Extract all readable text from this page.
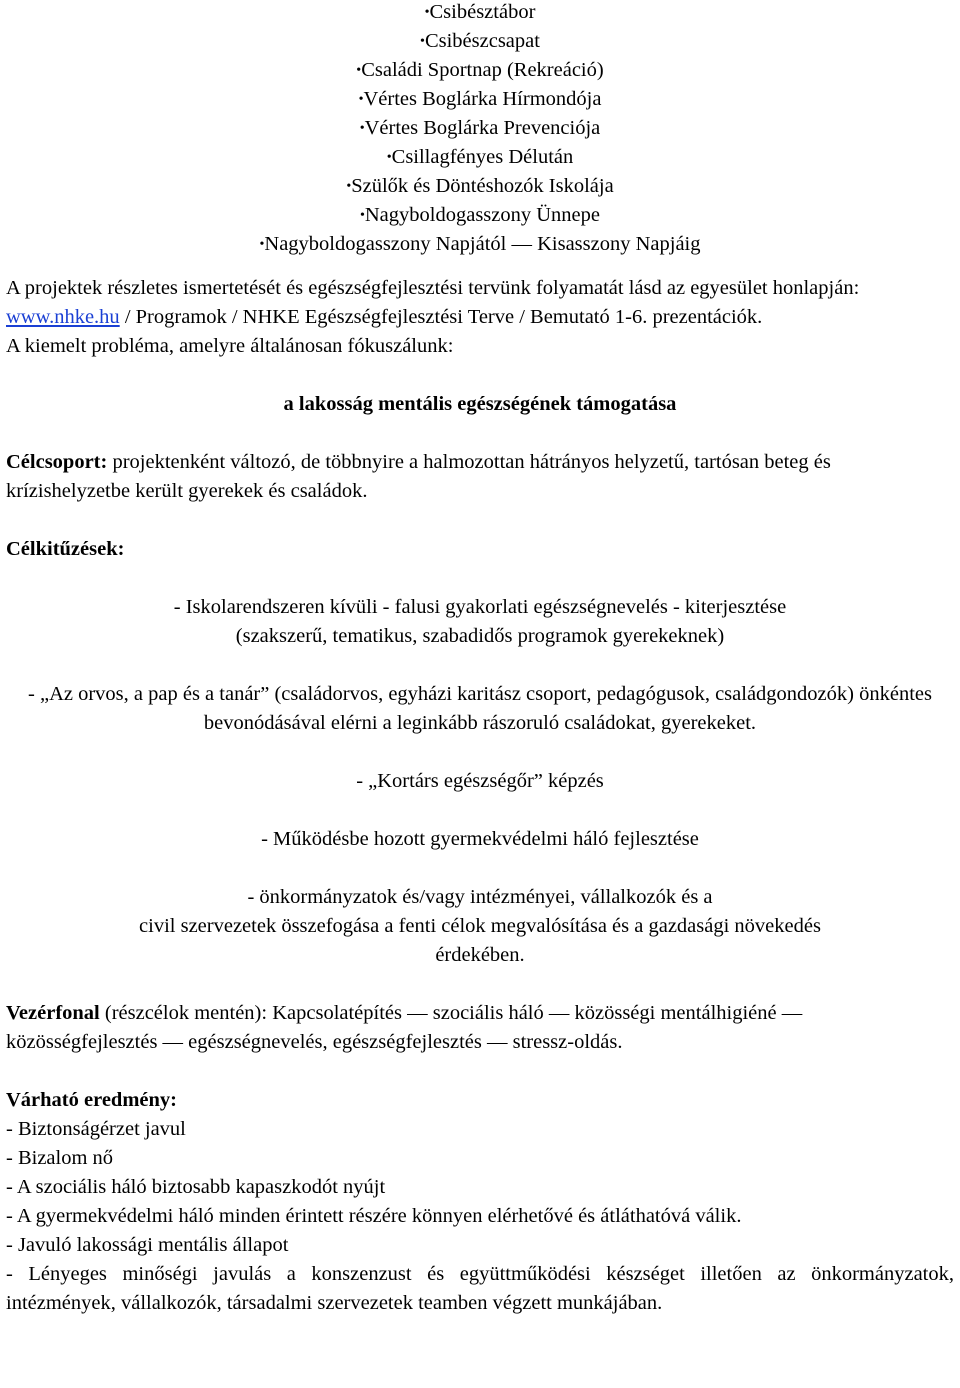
•Csibésztábor
•Csibészcsapat
•Családi Sportnap (Rekreáció)
•Vértes Boglárka Hírmondója
•Vértes Boglárka Prevenciója
•Csillagfényes Délután
•Szülők és Döntéshozók Iskolája
•Nagyboldogasszony Ünnepe
•Nagyboldogasszony Napjától — Kisasszony Napjáig

A projektek részletes ismertetését és egészségfejlesztési tervünk folyamatát lásd az egyesület honlapján: www.nhke.hu / Programok / NHKE Egészségfejlesztési Terve / Bemutató 1-6. prezentációk.

A kiemelt probléma, amelyre általánosan fókuszálunk:

a lakosság mentális egészségének támogatása

Célcsoport: projektenként változó, de többnyire a halmozottan hátrányos helyzetű, tartósan beteg és krízishelyzetbe került gyerekek és családok.

Célkitűzések:

- Iskolarendszeren kívüli - falusi gyakorlati egészségnevelés - kiterjesztése

(szakszerű, tematikus, szabadidős programok gyerekeknek)

- „Az orvos, a pap és a tanár” (családorvos, egyházi karitász csoport, pedagógusok, családgondozók) önkéntes bevonódásával elérni a leginkább rászoruló családokat, gyerekeket.

- „Kortárs egészségőr” képzés

- Működésbe hozott gyermekvédelmi háló fejlesztése

- önkormányzatok és/vagy intézményei, vállalkozók és a

civil szervezetek összefogása a fenti célok megvalósítása és a gazdasági növekedés

érdekében.

Vezérfonal (részcélok mentén): Kapcsolatépítés — szociális háló — közösségi mentálhigiéné — közösségfejlesztés — egészségnevelés, egészségfejlesztés — stressz-oldás.

Várható eredmény:

- Biztonságérzet javul

- Bizalom nő

- A szociális háló biztosabb kapaszkodót nyújt

- A gyermekvédelmi háló minden érintett részére könnyen elérhetővé és átláthatóvá válik.

- Javuló lakossági mentális állapot

- Lényeges minőségi javulás a konszenzust és együttműködési készséget illetően az önkormányzatok, intézmények, vállalkozók, társadalmi szervezetek teamben végzett munkájában.
